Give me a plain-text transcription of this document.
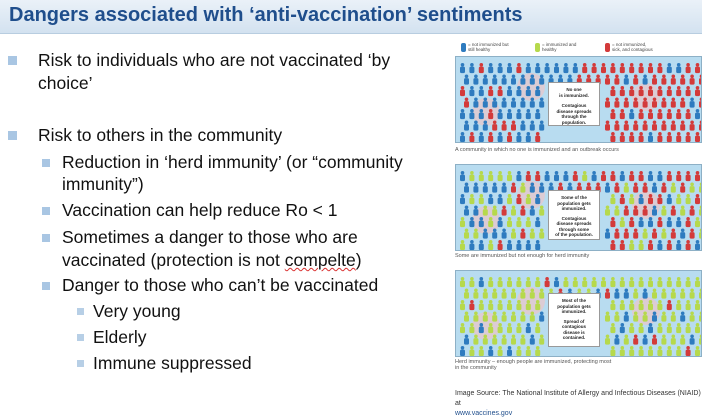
Dangers associated with ‘anti-vaccination’ sentiments
Risk to individuals who are not vaccinated ‘by
choice’
Risk to others in the community
Reduction in ‘herd immunity’ (or “community
immunity”)
Vaccination can help reduce Ro < 1
Sometimes a danger to those who are
vaccinated (protection is not compelte)
Danger to those who can’t be vaccinated
Very young
Elderly
Immune suppressed
= not immunized but
still healthy
= immunized and
healthy
= not immunized,
sick, and contagious
No one
is immunized.
Contagious
disease spreads
through the
population.
A community in which no one is immunized and an outbreak occurs
Some of the
population gets
immunized.
Contagious
disease spreads
through some
of the population.
Some are immunized but not enough for herd immunity
Most of the
population gets
immunized.
Spread of
contagious
disease is
contained.
Herd immunity – enough people are immunized, protecting most
in the community
Image Source: The National Institute of Allergy and Infectious Diseases (NIAID) at
www.vaccines.gov
